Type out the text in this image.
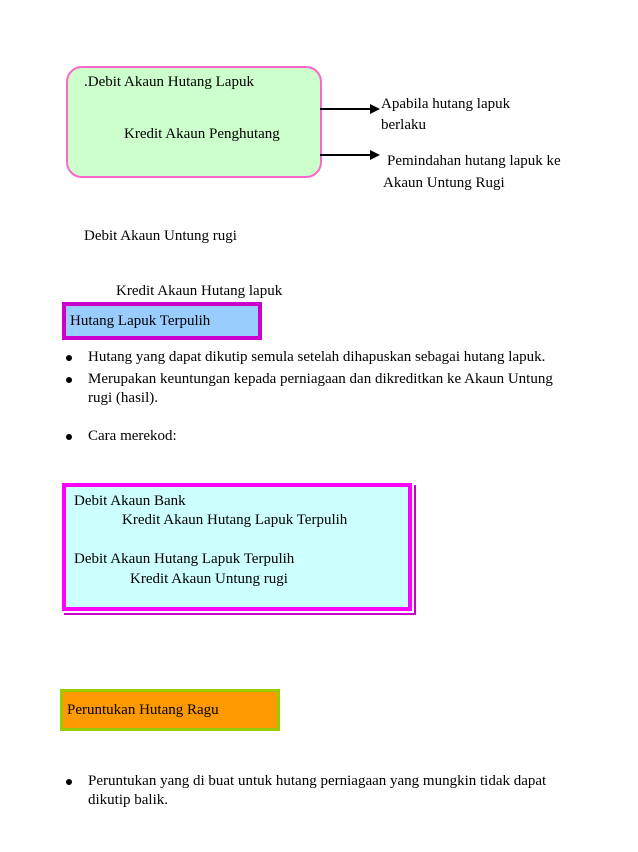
.Debit Akaun Hutang Lapuk
Kredit Akaun Penghutang
Apabila hutang lapuk
berlaku
Pemindahan hutang lapuk ke
Akaun Untung Rugi
Debit Akaun Untung rugi
Kredit Akaun Hutang lapuk
Hutang Lapuk Terpulih
Hutang yang dapat dikutip semula setelah dihapuskan sebagai hutang lapuk.
Merupakan keuntungan kepada perniagaan dan dikreditkan ke Akaun Untung rugi (hasil).
Cara merekod:
Debit Akaun Bank
Kredit Akaun Hutang Lapuk Terpulih
Debit Akaun Hutang Lapuk Terpulih
Kredit Akaun Untung rugi
Peruntukan Hutang Ragu
Peruntukan yang di buat untuk hutang perniagaan yang mungkin tidak dapat dikutip balik.
